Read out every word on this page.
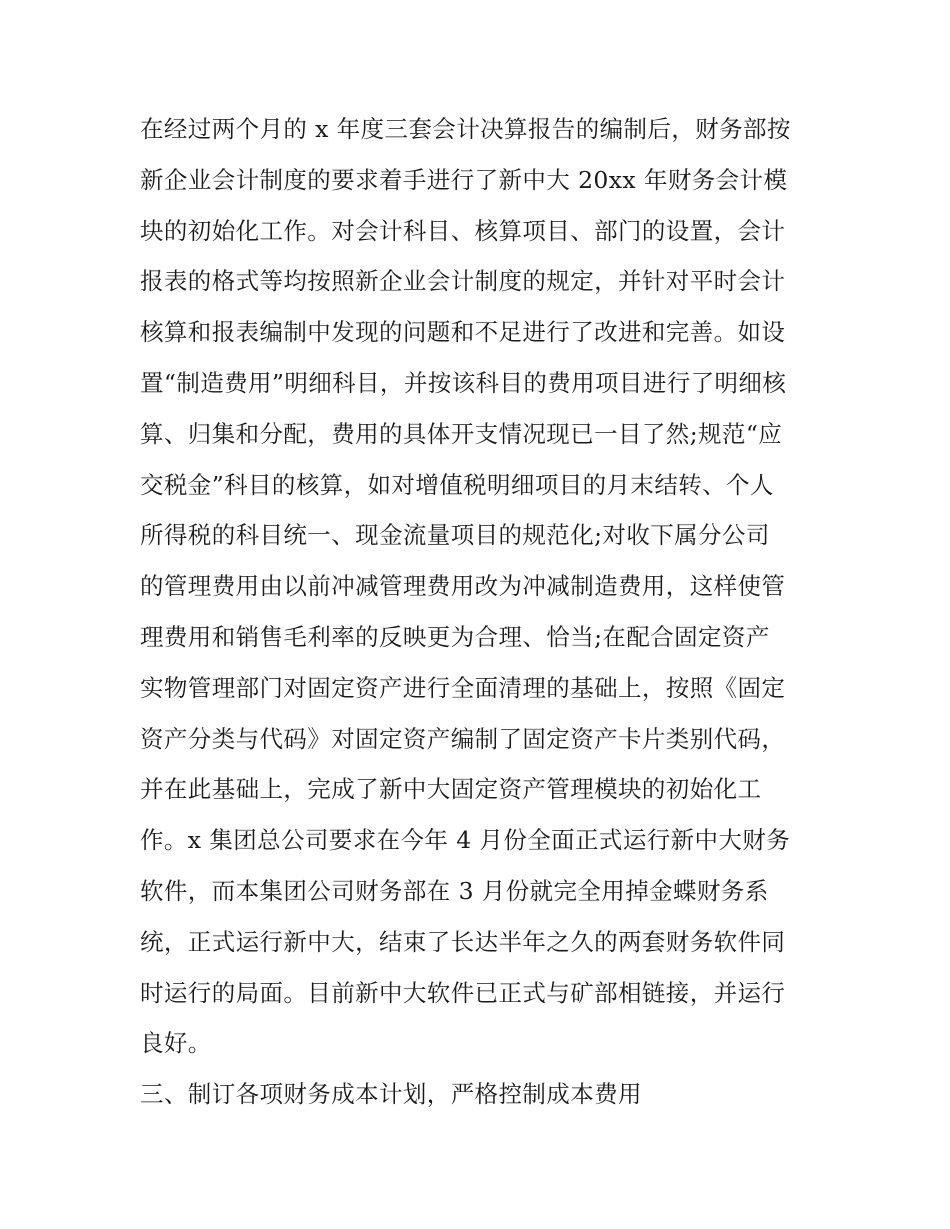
在经过两个月的 x 年度三套会计决算报告的编制后，财务部按
新企业会计制度的要求着手进行了新中大 20xx 年财务会计模
块的初始化工作。对会计科目、核算项目、部门的设置，会计
报表的格式等均按照新企业会计制度的规定，并针对平时会计
核算和报表编制中发现的问题和不足进行了改进和完善。如设
置“制造费用”明细科目，并按该科目的费用项目进行了明细核
算、归集和分配，费用的具体开支情况现已一目了然;规范“应
交税金”科目的核算，如对增值税明细项目的月末结转、个人
所得税的科目统一、现金流量项目的规范化;对收下属分公司
的管理费用由以前冲减管理费用改为冲减制造费用，这样使管
理费用和销售毛利率的反映更为合理、恰当;在配合固定资产
实物管理部门对固定资产进行全面清理的基础上，按照《固定
资产分类与代码》对固定资产编制了固定资产卡片类别代码，
并在此基础上，完成了新中大固定资产管理模块的初始化工
作。x 集团总公司要求在今年 4 月份全面正式运行新中大财务
软件，而本集团公司财务部在 3 月份就完全用掉金蝶财务系
统，正式运行新中大，结束了长达半年之久的两套财务软件同
时运行的局面。目前新中大软件已正式与矿部相链接，并运行
良好。
三、制订各项财务成本计划，严格控制成本费用
